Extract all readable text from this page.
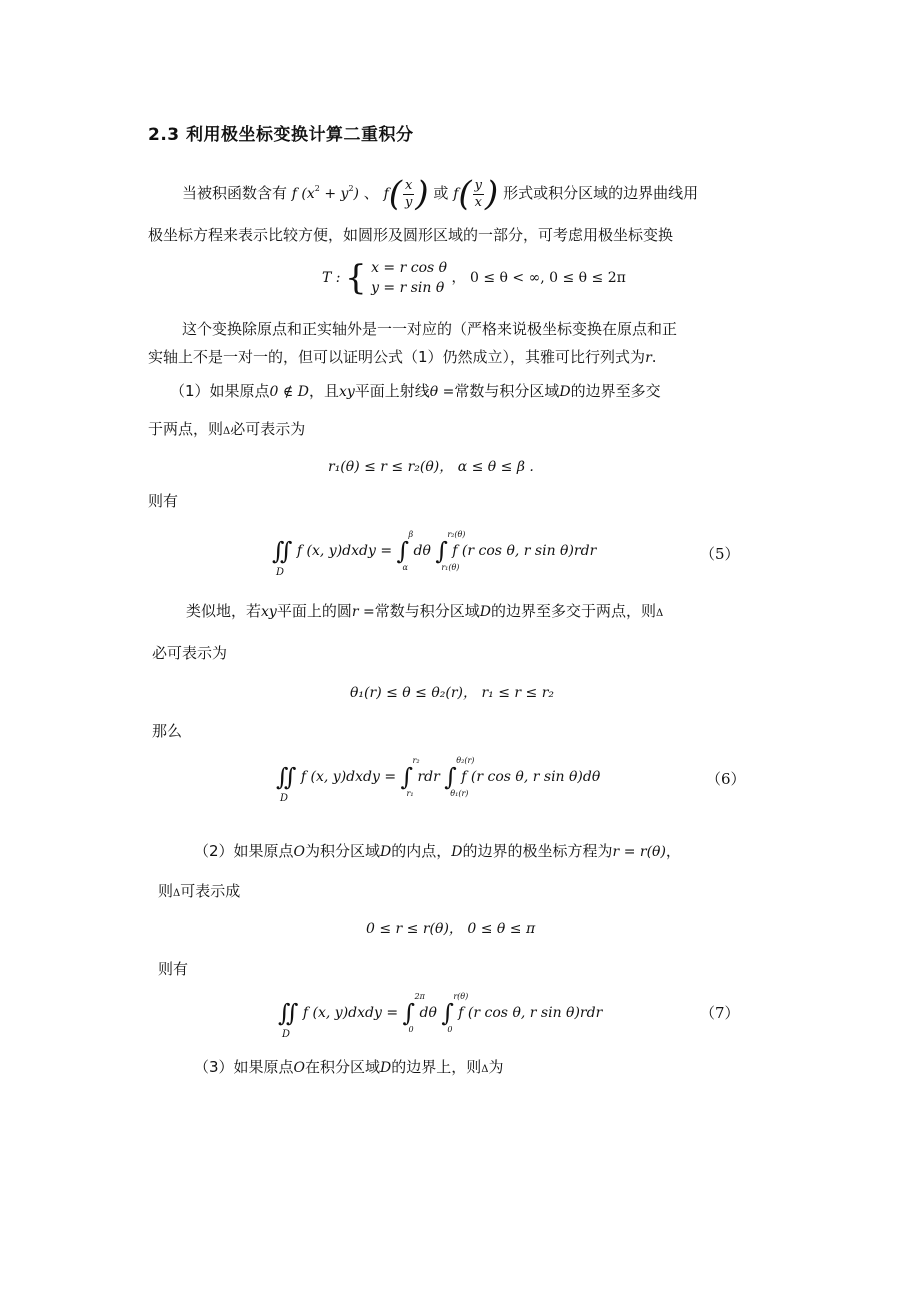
2.3 利用极坐标变换计算二重积分
当被积函数含有 f $(x^2 + y^2)$ 、 $f( \frac{x}{y}$ ) 或 $f( \frac{y}{x}$ ) 形式或积分区域的边界曲线用
极坐标方程来表示比较方便，如圆形及圆形区域的一部分，可考虑用极坐标变换
T : { x = r cos θ
y = r sin θ
， 0 ≤ θ < ∞, 0 ≤ θ ≤ 2π
这个变换除原点和正实轴外是一一对应的（严格来说极坐标变换在原点和正
实轴上不是一对一的，但可以证明公式（1）仍然成立），其雅可比行列式为r.
（1）如果原点0 ∉ D，且xy平面上射线θ =常数与积分区域D的边界至多交
于两点，则Δ必可表示为
r₁(θ) ≤ r ≤ r₂(θ)， α ≤ θ ≤ β .
则有
∬
D
f (x, y)dxdy = ∫
β
α
dθ ∫
r₂(θ)
r₁(θ)
f (r cos θ, r sin θ)rdr	（5）
类似地，若xy平面上的圆r =常数与积分区域D的边界至多交于两点，则Δ
必可表示为
θ₁(r) ≤ θ ≤ θ₂(r)， r₁ ≤ r ≤ r₂
那么
∬
D
f (x, y)dxdy = ∫
r₂
r₁
rdr ∫
θ₂(r)
θ₁(r)
f (r cos θ, r sin θ)dθ	（6）
（2）如果原点O为积分区域D的内点，D的边界的极坐标方程为r = r(θ)，
则Δ可表示成
0 ≤ r ≤ r(θ)， 0 ≤ θ ≤ π
则有
∬
D
f (x, y)dxdy = ∫
2π
0
dθ ∫
r(θ)
0
f (r cos θ, r sin θ)rdr	（7）
（3）如果原点O在积分区域D的边界上，则Δ为
